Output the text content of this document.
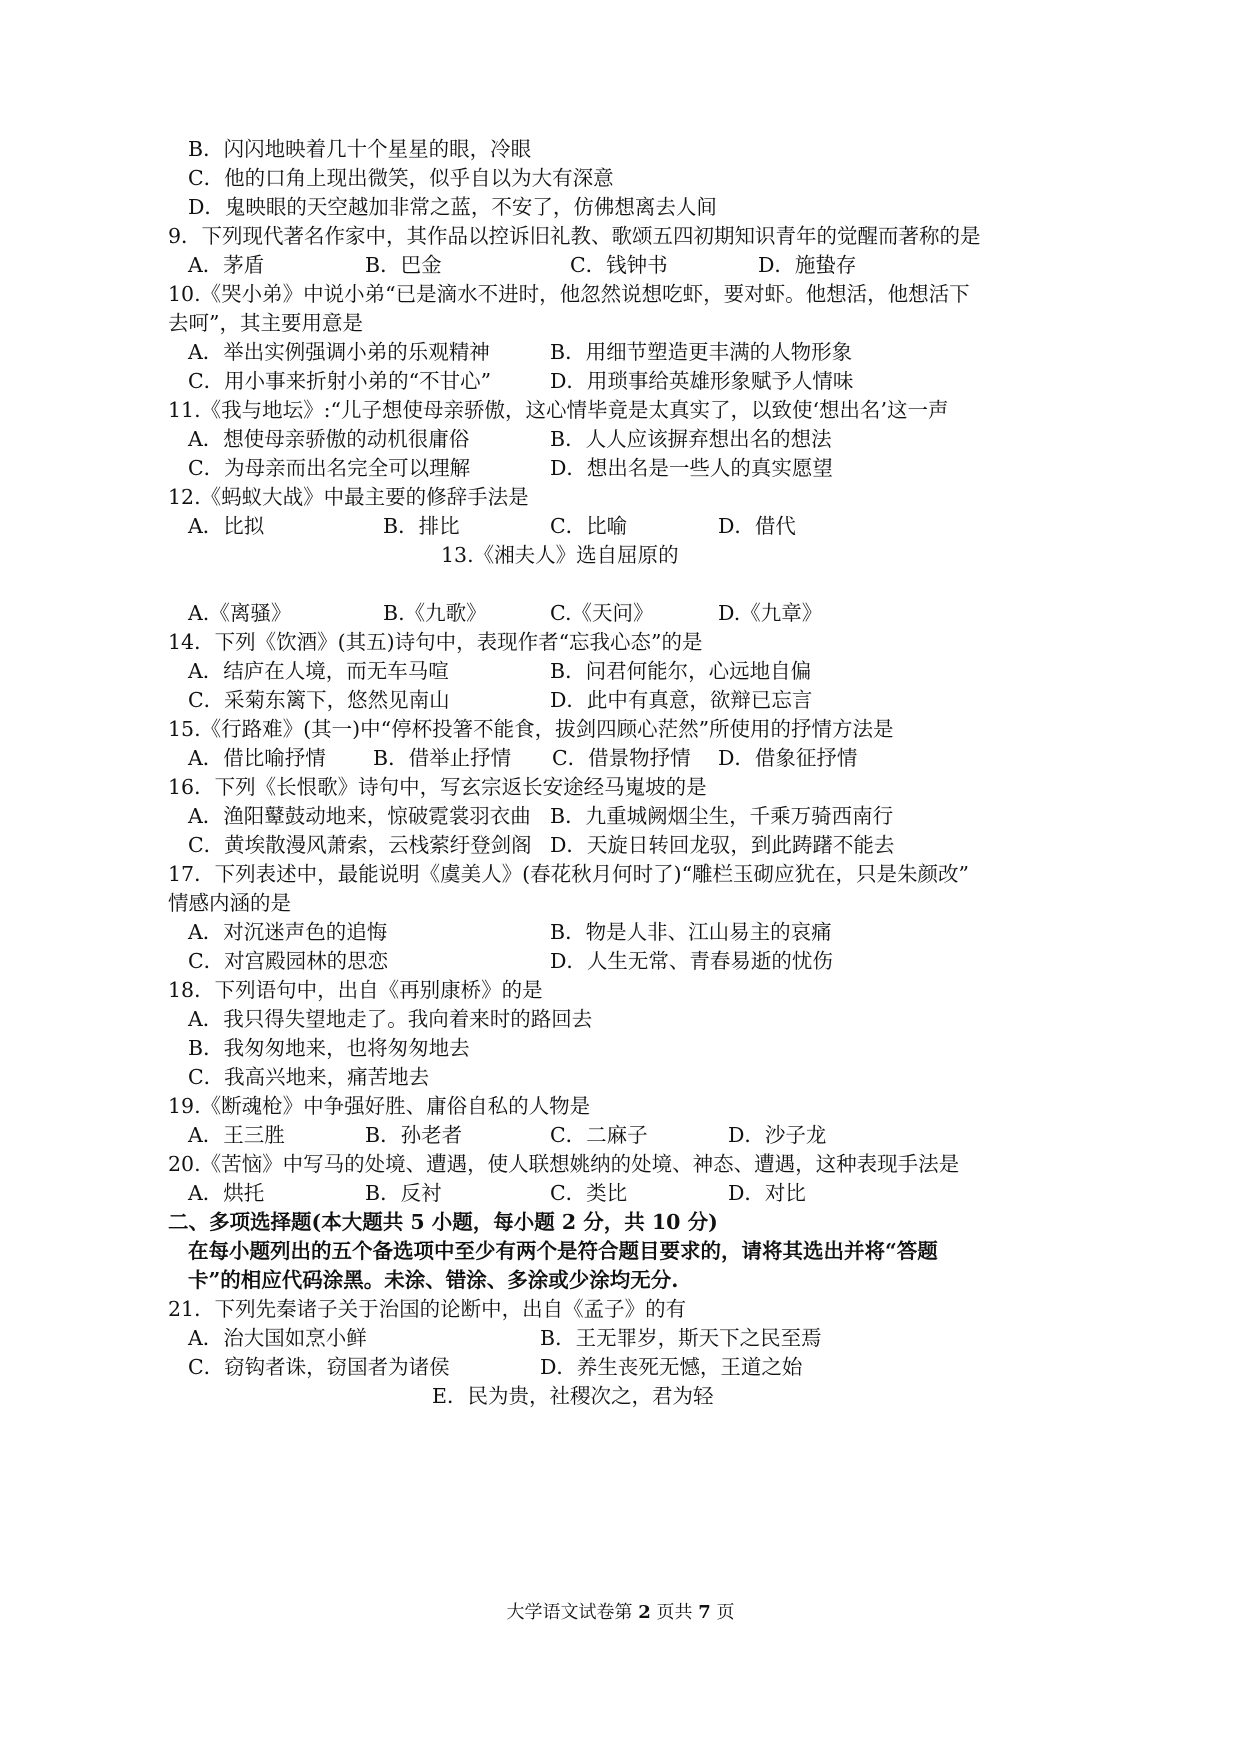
B．闪闪地映着几十个星星的眼，冷眼
C．他的口角上现出微笑，似乎自以为大有深意
D．鬼映眼的天空越加非常之蓝，不安了，仿佛想离去人间
9．下列现代著名作家中，其作品以控诉旧礼教、歌颂五四初期知识青年的觉醒而著称的是
A．茅盾	B．巴金	C．钱钟书	D．施蛰存
10.《哭小弟》中说小弟“已是滴水不进时，他忽然说想吃虾，要对虾。他想活，他想活下
去呵”，其主要用意是
A．举出实例强调小弟的乐观精神	B．用细节塑造更丰满的人物形象
C．用小事来折射小弟的“不甘心”	D．用琐事给英雄形象赋予人情味
11.《我与地坛》:“儿子想使母亲骄傲，这心情毕竟是太真实了，以致使‘想出名’这一声
A．想使母亲骄傲的动机很庸俗	B．人人应该摒弃想出名的想法
C．为母亲而出名完全可以理解	D．想出名是一些人的真实愿望
12.《蚂蚁大战》中最主要的修辞手法是
A．比拟	B．排比	C．比喻	D．借代
13.《湘夫人》选自屈原的
A.《离骚》	B.《九歌》	C.《天问》	D.《九章》
14．下列《饮酒》(其五)诗句中，表现作者“忘我心态”的是
A．结庐在人境，而无车马喧	B．问君何能尔，心远地自偏
C．采菊东篱下，悠然见南山	D．此中有真意，欲辩已忘言
15.《行路难》(其一)中“停杯投箸不能食，拔剑四顾心茫然”所使用的抒情方法是
A．借比喻抒情 B．借举止抒情 C．借景物抒情 D．借象征抒情
16．下列《长恨歌》诗句中，写玄宗返长安途经马嵬坡的是
A．渔阳鼙鼓动地来，惊破霓裳羽衣曲 B．九重城阙烟尘生，千乘万骑西南行
C．黄埃散漫风萧索，云栈萦纡登剑阁 D．天旋日转回龙驭，到此踌躇不能去
17．下列表述中，最能说明《虞美人》(春花秋月何时了)“雕栏玉砌应犹在，只是朱颜改”
情感内涵的是
A．对沉迷声色的追悔	B．物是人非、江山易主的哀痛
C．对宫殿园林的思恋	D．人生无常、青春易逝的忧伤
18．下列语句中，出自《再别康桥》的是
A．我只得失望地走了。我向着来时的路回去
B．我匆匆地来，也将匆匆地去
C．我高兴地来，痛苦地去
19.《断魂枪》中争强好胜、庸俗自私的人物是
A．王三胜	B．孙老者	C．二麻子	D．沙子龙
20.《苦恼》中写马的处境、遭遇，使人联想姚纳的处境、神态、遭遇，这种表现手法是
A．烘托	B．反衬	C．类比	D．对比
二、多项选择题(本大题共 5 小题，每小题 2 分，共 10 分)
在每小题列出的五个备选项中至少有两个是符合题目要求的，请将其选出并将“答题
卡”的相应代码涂黑。未涂、错涂、多涂或少涂均无分.
21．下列先秦诸子关于治国的论断中，出自《孟子》的有
A．治大国如烹小鲜	B．王无罪岁，斯天下之民至焉
C．窃钩者诛，窃国者为诸侯	D．养生丧死无憾，王道之始
E．民为贵，社稷次之，君为轻
大学语文试卷第 2 页共 7 页
